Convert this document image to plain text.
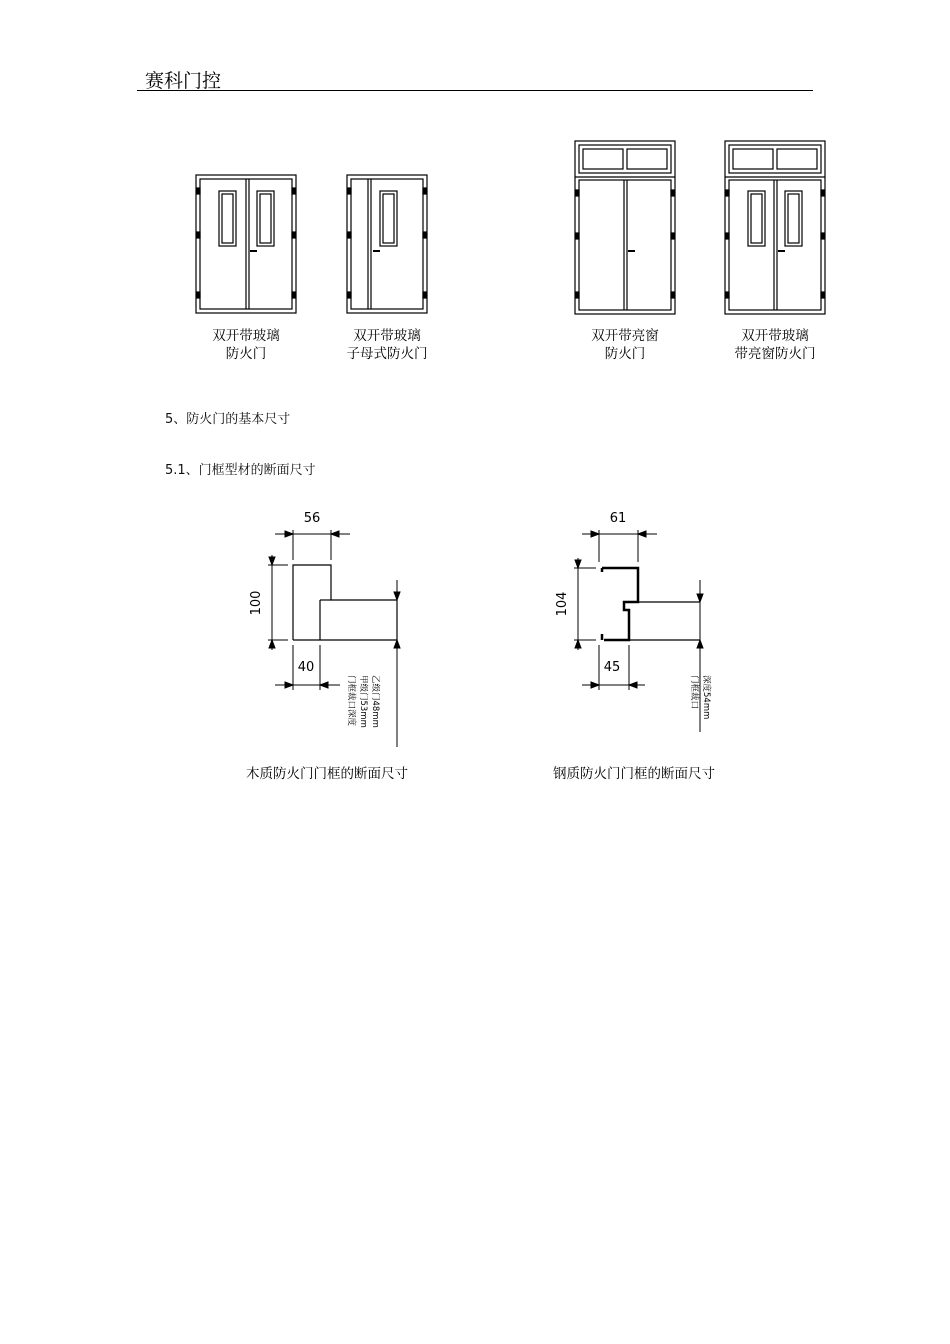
赛科门控
双开带玻璃
防火门
双开带玻璃
子母式防火门
双开带亮窗
防火门
双开带玻璃
带亮窗防火门
5、防火门的基本尺寸
5.1、门框型材的断面尺寸
56
100
40
门框裁口深度 甲级门53mm 乙级门48mm
木质防火门门框的断面尺寸
61
104
45
门框裁口 深度54mm
钢质防火门门框的断面尺寸
